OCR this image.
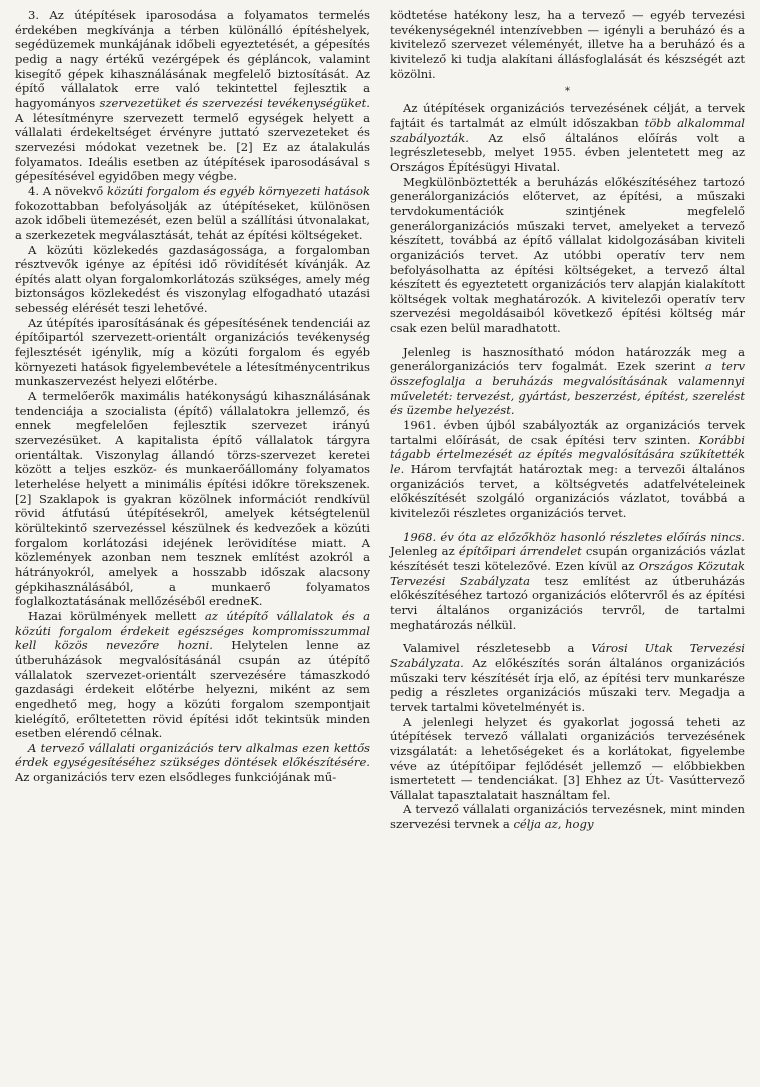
3. Az útépítések iparosodása a folyamatos termelés érdekében megkívánja a térben különálló építéshelyek, segédüzemek munkájának időbeli egyeztetését, a gépesítés pedig a nagy értékű vezérgépek és gépláncok, valamint kisegítő gépek kihasználásának megfelelő biztosítását. Az építő vállalatok erre való tekintettel fejlesztik a hagyományos szervezetüket és szervezési tevékenységüket. A létesítményre szervezett termelő egységek helyett a vállalati érdekeltséget érvényre juttató szervezeteket és szervezési módokat vezetnek be. [2] Ez az átalakulás folyamatos. Ideális esetben az útépítések iparosodásával s gépesítésével egyidőben megy végbe.

4. A növekvő közúti forgalom és egyéb környezeti hatások fokozottabban befolyásolják az útépítéseket, különösen azok időbeli ütemezését, ezen belül a szállítási útvonalakat, a szerkezetek megválasztását, tehát az építési költségeket.

A közúti közlekedés gazdaságossága, a forgalomban résztvevők igénye az építési idő rövidítését kívánják. Az építés alatt olyan forgalomkorlátozás szükséges, amely még biztonságos közlekedést és viszonylag elfogadható utazási sebesség elérését teszi lehetővé.

Az útépítés iparosításának és gépesítésének tendenciái az építőipartól szervezett-orientált organizációs tevékenység fejlesztését igénylik, míg a közúti forgalom és egyéb környezeti hatások figyelembevétele a létesítménycentrikus munkaszervezést helyezi előtérbe.

A termelőerők maximális hatékonyságú kihasználásának tendenciája a szocialista (építő) vállalatokra jellemző, és ennek megfelelően fejlesztik szervezet irányú szervezésüket. A kapitalista építő vállalatok tárgyra orientáltak. Viszonylag állandó törzs-szervezet keretei között a teljes eszköz- és munkaerőállomány folyamatos leterhelése helyett a minimális építési időkre törekszenek. [2] Szaklapok is gyakran közölnek információt rendkívül rövid átfutású útépítésekről, amelyek kétségtelenül körültekintő szervezéssel készülnek és kedvezőek a közúti forgalom korlátozási idejének lerövidítése miatt. A közlemények azonban nem tesznek említést azokról a hátrányokról, amelyek a hosszabb időszak alacsony gépkihasználásából, a munkaerő folyamatos foglalkoztatásának mellőzéséből eredneK.

Hazai körülmények mellett az útépítő vállalatok és a közúti forgalom érdekeit egészséges kompromisszummal kell közös nevezőre hozni. Helytelen lenne az útberuházások megvalósításánál csupán az útépítő vállalatok szervezet-orientált szervezésére támaszkodó gazdasági érdekeit előtérbe helyezni, miként az sem engedhető meg, hogy a közúti forgalom szempontjait kielégítő, erőltetetten rövid építési időt tekintsük minden esetben elérendő célnak.

A tervező vállalati organizációs terv alkalmas ezen kettős érdek egységesítéséhez szükséges döntések előkészítésére. Az organizációs terv ezen elsődleges funkciójának mű-

ködtetése hatékony lesz, ha a tervező — egyéb tervezési tevékenységeknél intenzívebben — igényli a beruházó és a kivitelező szervezet véleményét, illetve ha a beruházó és a kivitelező ki tudja alakítani állásfoglalását és készségét azt közölni.

*

Az útépítések organizációs tervezésének célját, a tervek fajtáit és tartalmát az elmúlt időszakban több alkalommal szabályozták. Az első általános előírás volt a legrészletesebb, melyet 1955. évben jelentetett meg az Országos Építésügyi Hivatal.

Megkülönböztették a beruházás előkészítéséhez tartozó generálorganizációs előtervet, az építési, a műszaki tervdokumentációk szintjének megfelelő generálorganizációs műszaki tervet, amelyeket a tervező készített, továbbá az építő vállalat kidolgozásában kiviteli organizációs tervet. Az utóbbi operatív terv nem befolyásolhatta az építési költségeket, a tervező által készített és egyeztetett organizációs terv alapján kialakított költségek voltak meghatározók. A kivitelezői operatív terv szervezési megoldásaiból következő építési költség már csak ezen belül maradhatott.

Jelenleg is hasznosítható módon határozzák meg a generálorganizációs terv fogalmát. Ezek szerint a terv összefoglalja a beruházás megvalósításának valamennyi műveletét: tervezést, gyártást, beszerzést, építést, szerelést és üzembe helyezést.

1961. évben újból szabályozták az organizációs tervek tartalmi előírását, de csak építési terv szinten. Korábbi tágabb értelmezését az építés megvalósítására szűkítették le. Három tervfajtát határoztak meg: a tervezői általános organizációs tervet, a költségvetés adatfelvételeinek előkészítését szolgáló organizációs vázlatot, továbbá a kivitelezői részletes organizációs tervet.

1968. év óta az előzőkhöz hasonló részletes előírás nincs. Jelenleg az építőipari árrendelet csupán organizációs vázlat készítését teszi kötelezővé. Ezen kívül az Országos Közutak Tervezési Szabályzata tesz említést az útberuházás előkészítéséhez tartozó organizációs előtervről és az építési tervi általános organizációs tervről, de tartalmi meghatározás nélkül.

Valamivel részletesebb a Városi Utak Tervezési Szabályzata. Az előkészítés során általános organizációs műszaki terv készítését írja elő, az építési terv munkarésze pedig a részletes organizációs műszaki terv. Megadja a tervek tartalmi követelményét is.

A jelenlegi helyzet és gyakorlat jogossá teheti az útépítések tervező vállalati organizációs tervezésének vizsgálatát: a lehetőségeket és a korlátokat, figyelembe véve az útépítőipar fejlődését jellemző — előbbiekben ismertetett — tendenciákat. [3] Ehhez az Út- Vasúttervező Vállalat tapasztalatait használtam fel.

A tervező vállalati organizációs tervezésnek, mint minden szervezési tervnek a célja az, hogy
